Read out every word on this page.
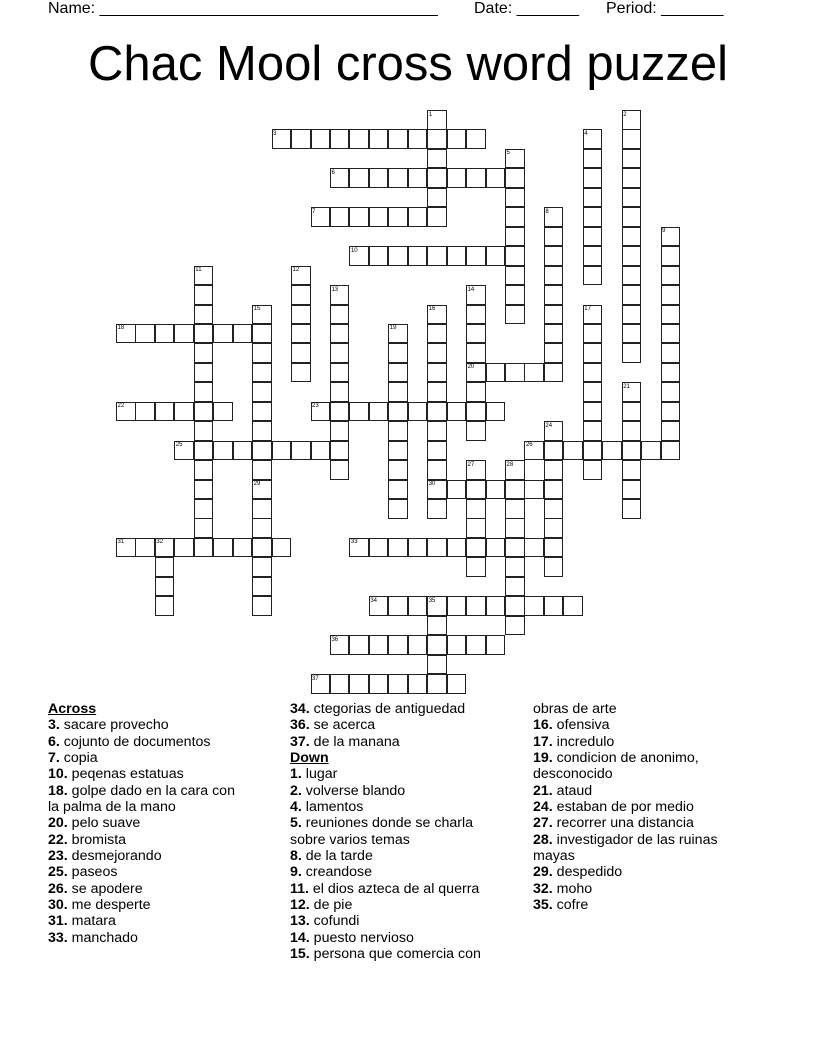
Name: ______________________________________ Date: _______ Period: _______
Chac Mool cross word puzzel
1	2
3	4
5
6
7	8
9
10
11	12
13	14
15	16	17
18	19
20
21
22	23
24
25	26
27	28
29	30
31	32	33
34	35
36
37
Across
3. sacare provecho
6. cojunto de documentos
7. copia
10. peqenas estatuas
18. golpe dado en la cara con
la palma de la mano
20. pelo suave
22. bromista
23. desmejorando
25. paseos
26. se apodere
30. me desperte
31. matara
33. manchado
34. ctegorias de antiguedad
36. se acerca
37. de la manana
Down
1. lugar
2. volverse blando
4. lamentos
5. reuniones donde se charla
sobre varios temas
8. de la tarde
9. creandose
11. el dios azteca de al querra
12. de pie
13. cofundi
14. puesto nervioso
15. persona que comercia con
obras de arte
16. ofensiva
17. incredulo
19. condicion de anonimo,
desconocido
21. ataud
24. estaban de por medio
27. recorrer una distancia
28. investigador de las ruinas
mayas
29. despedido
32. moho
35. cofre
